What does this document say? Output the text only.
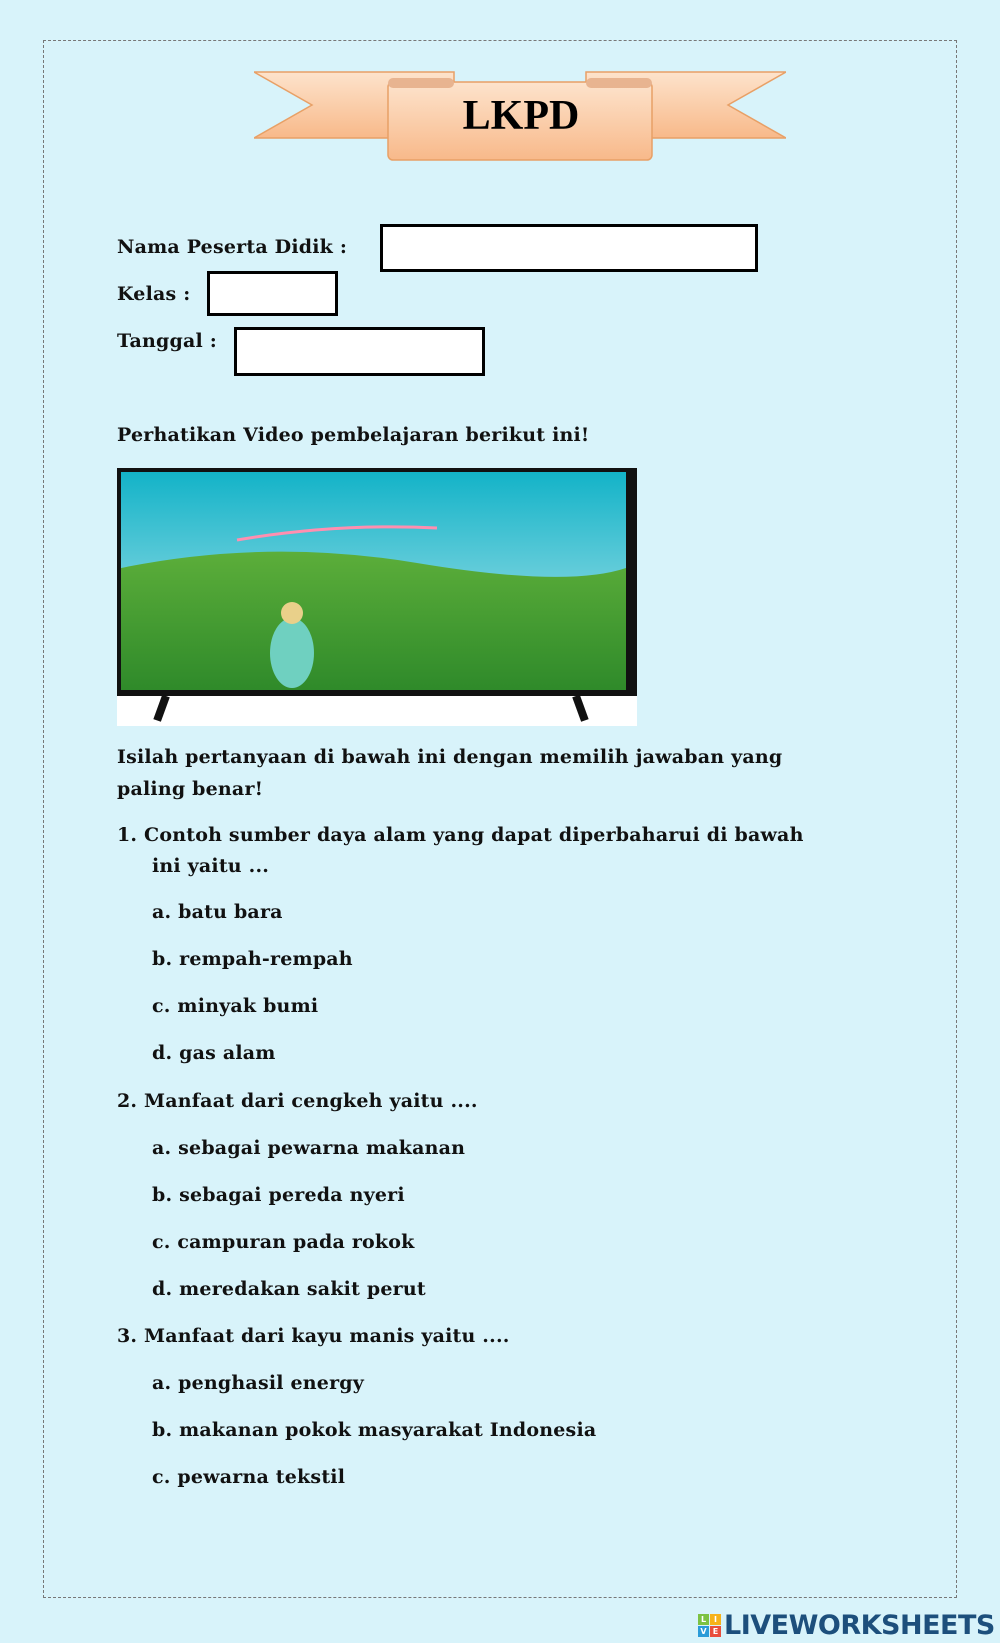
LKPD
Nama Peserta Didik :
Kelas :
Tanggal :
Perhatikan Video pembelajaran berikut ini!
Isilah pertanyaan di bawah ini dengan memilih jawaban yang
paling benar!
1. Contoh sumber daya alam yang dapat diperbaharui di bawah
ini yaitu ...
a. batu bara
b. rempah-rempah
c. minyak bumi
d. gas alam
2. Manfaat dari cengkeh yaitu ....
a. sebagai pewarna makanan
b. sebagai pereda nyeri
c. campuran pada rokok
d. meredakan sakit perut
3. Manfaat dari kayu manis yaitu ....
a. penghasil energy
b. makanan pokok masyarakat Indonesia
c. pewarna tekstil
L I
V E LIVEWORKSHEETS
